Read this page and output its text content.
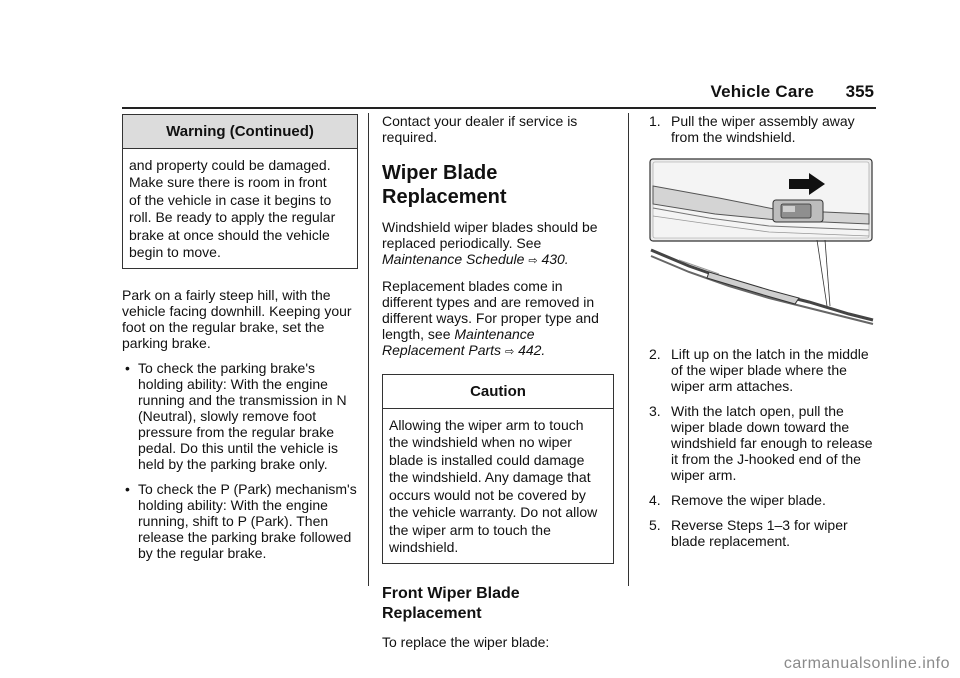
Vehicle Care 355
Warning (Continued)
and property could be damaged.
Make sure there is room in front
of the vehicle in case it begins to
roll. Be ready to apply the regular
brake at once should the vehicle
begin to move.

Park on a fairly steep hill, with the vehicle facing downhill. Keeping your foot on the regular brake, set the parking brake.

• To check the parking brake's holding ability: With the engine running and the transmission in N (Neutral), slowly remove foot pressure from the regular brake pedal. Do this until the vehicle is held by the parking brake only.
• To check the P (Park) mechanism's holding ability: With the engine running, shift to P (Park). Then release the parking brake followed by the regular brake.

Contact your dealer if service is required.

Wiper Blade Replacement

Windshield wiper blades should be replaced periodically. See Maintenance Schedule ⇨ 430.

Replacement blades come in different types and are removed in different ways. For proper type and length, see Maintenance Replacement Parts ⇨ 442.

Caution
Allowing the wiper arm to touch
the windshield when no wiper
blade is installed could damage
the windshield. Any damage that
occurs would not be covered by
the vehicle warranty. Do not allow
the wiper arm to touch the
windshield.
Front Wiper Blade Replacement

To replace the wiper blade:

1. Pull the wiper assembly away from the windshield.
2. Lift up on the latch in the middle of the wiper blade where the wiper arm attaches.
3. With the latch open, pull the wiper blade down toward the windshield far enough to release it from the J-hooked end of the wiper arm.
4. Remove the wiper blade.
5. Reverse Steps 1–3 for wiper blade replacement.
carmanualsonline.info
